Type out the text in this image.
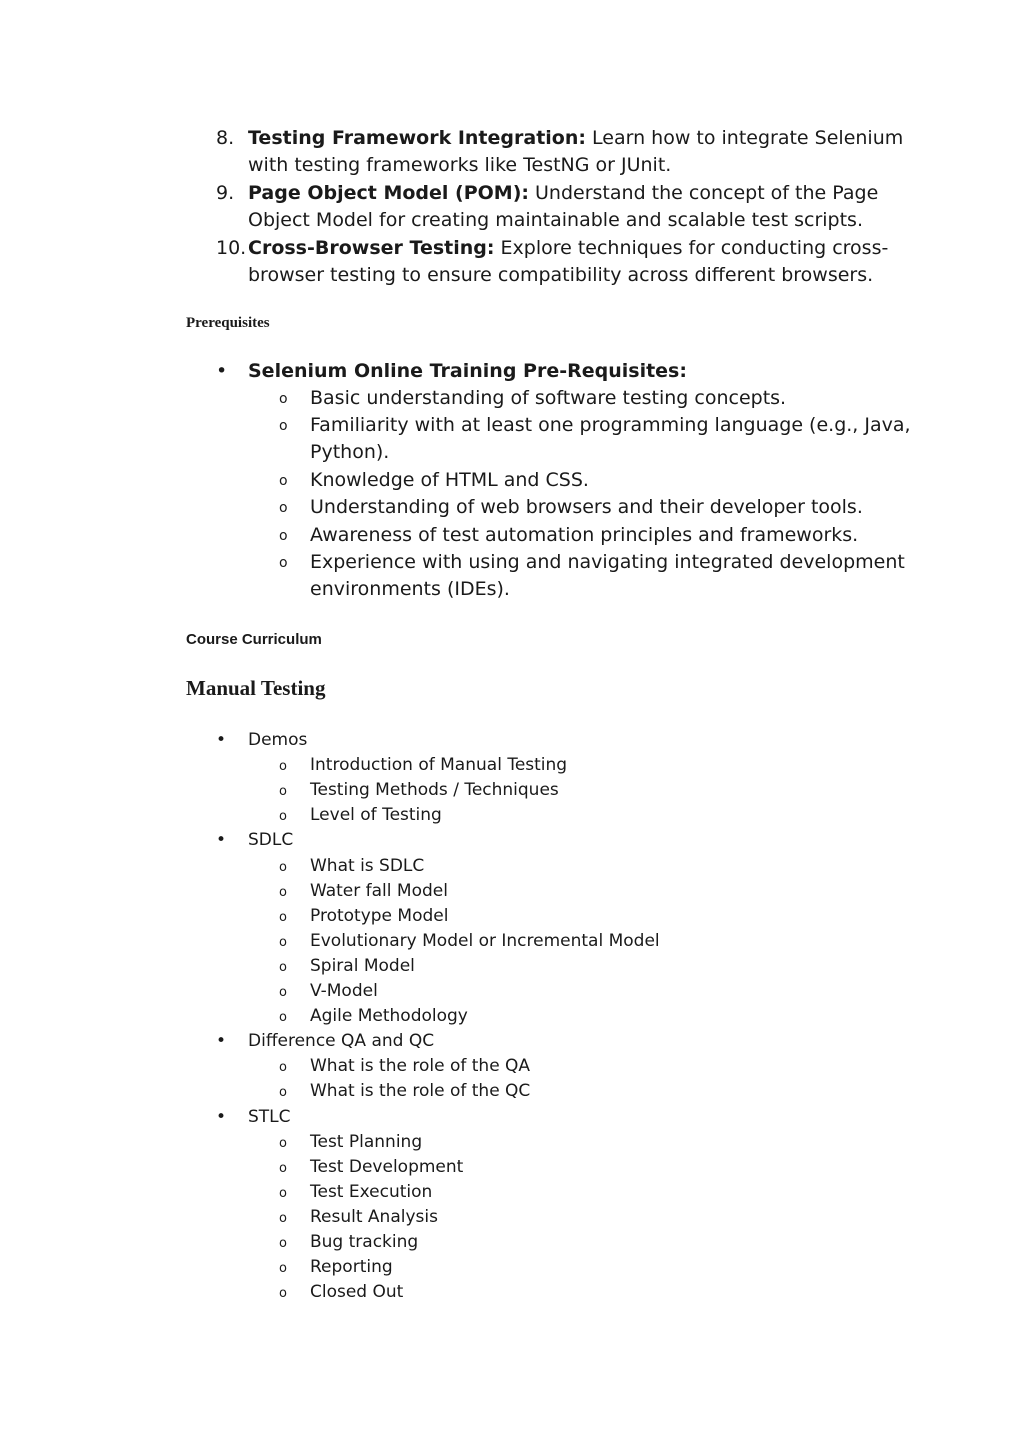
8. Testing Framework Integration: Learn how to integrate Selenium
with testing frameworks like TestNG or JUnit.
9. Page Object Model (POM): Understand the concept of the Page
Object Model for creating maintainable and scalable test scripts.
10. Cross-Browser Testing: Explore techniques for conducting cross-
browser testing to ensure compatibility across different browsers.
Prerequisites
• Selenium Online Training Pre-Requisites:
o Basic understanding of software testing concepts.
o Familiarity with at least one programming language (e.g., Java,
Python).
o Knowledge of HTML and CSS.
o Understanding of web browsers and their developer tools.
o Awareness of test automation principles and frameworks.
o Experience with using and navigating integrated development
environments (IDEs).
Course Curriculum
Manual Testing
• Demos
o Introduction of Manual Testing
o Testing Methods / Techniques
o Level of Testing
• SDLC
o What is SDLC
o Water fall Model
o Prototype Model
o Evolutionary Model or Incremental Model
o Spiral Model
o V-Model
o Agile Methodology
• Difference QA and QC
o What is the role of the QA
o What is the role of the QC
• STLC
o Test Planning
o Test Development
o Test Execution
o Result Analysis
o Bug tracking
o Reporting
o Closed Out
